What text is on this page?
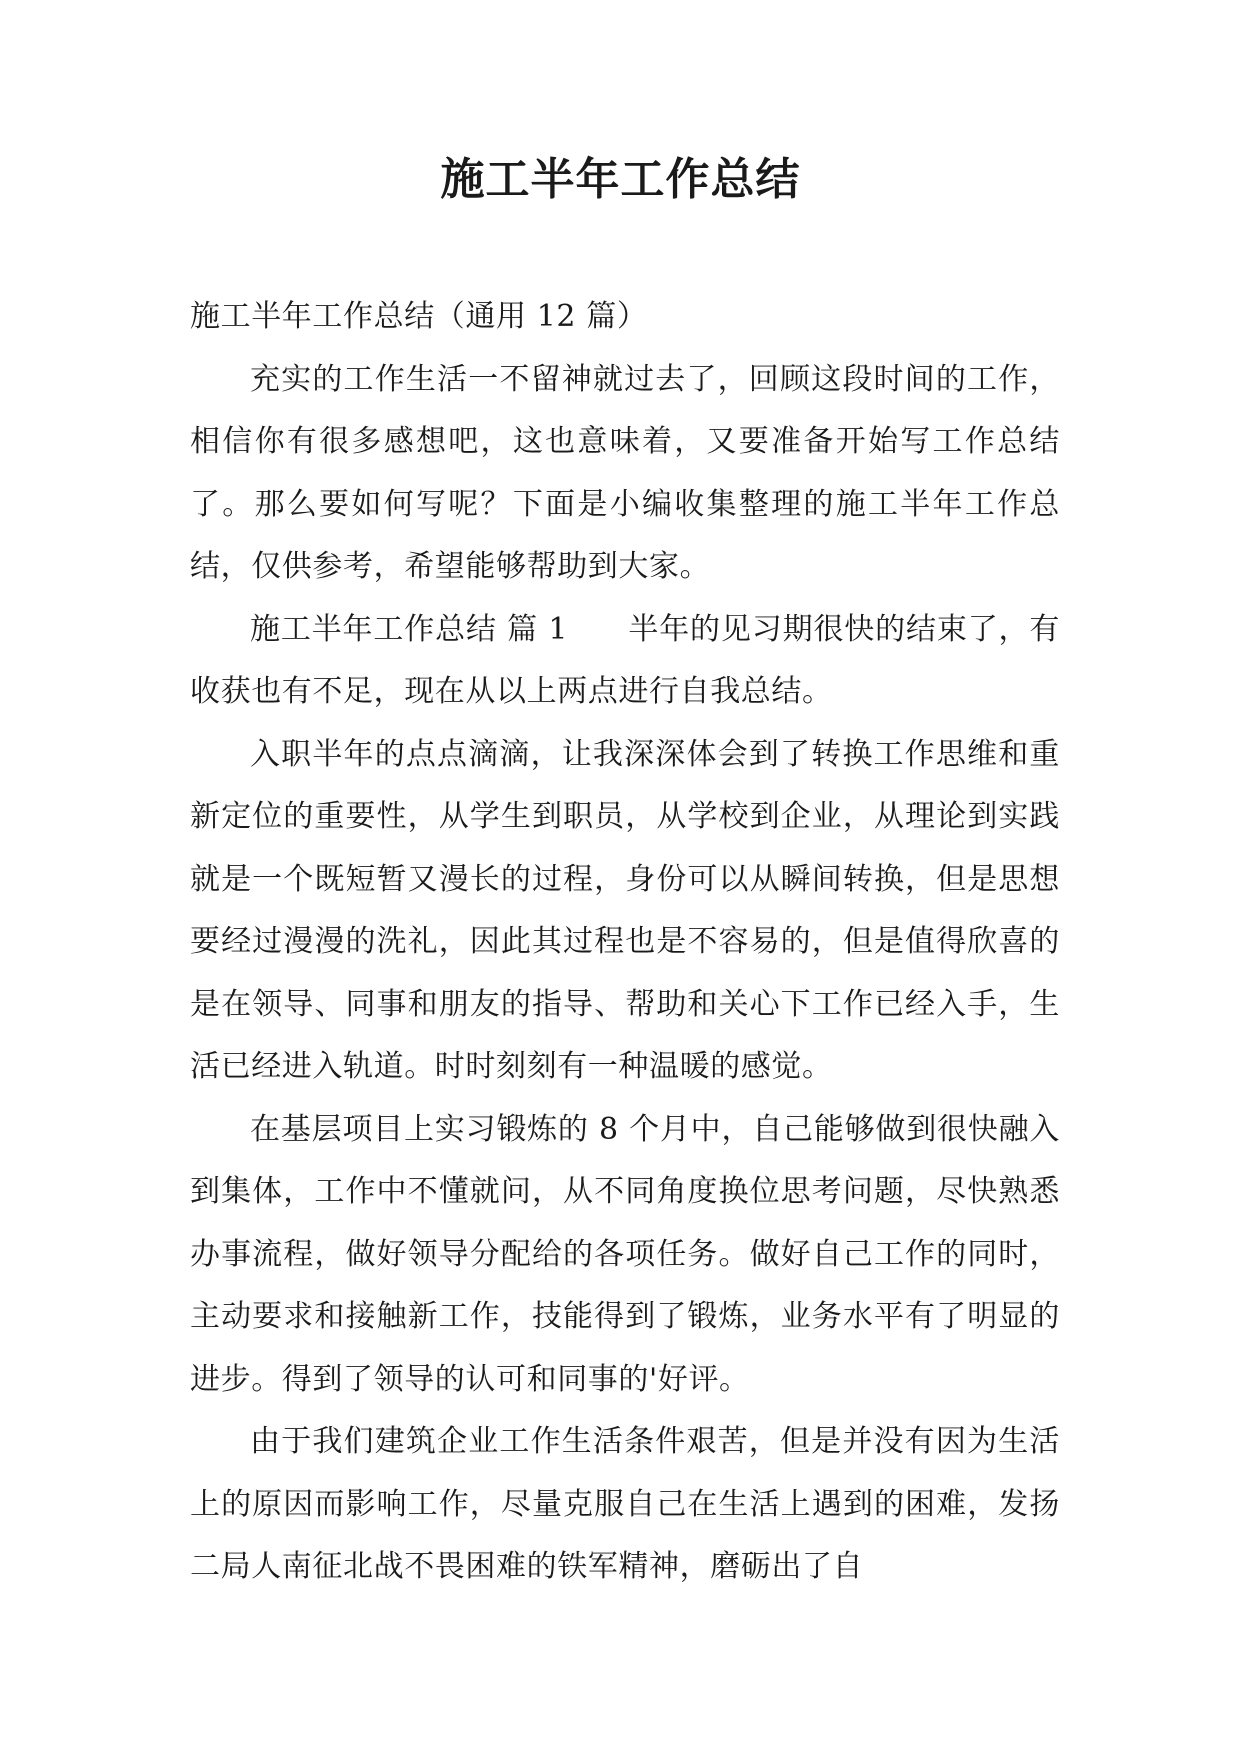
施工半年工作总结

施工半年工作总结（通用 12 篇）

充实的工作生活一不留神就过去了，回顾这段时间的工作，相信你有很多感想吧，这也意味着，又要准备开始写工作总结了。那么要如何写呢？下面是小编收集整理的施工半年工作总结，仅供参考，希望能够帮助到大家。

施工半年工作总结 篇 1 半年的见习期很快的结束了，有收获也有不足，现在从以上两点进行自我总结。

入职半年的点点滴滴，让我深深体会到了转换工作思维和重新定位的重要性，从学生到职员，从学校到企业，从理论到实践就是一个既短暂又漫长的过程，身份可以从瞬间转换，但是思想要经过漫漫的洗礼，因此其过程也是不容易的，但是值得欣喜的是在领导、同事和朋友的指导、帮助和关心下工作已经入手，生活已经进入轨道。时时刻刻有一种温暖的感觉。

在基层项目上实习锻炼的 8 个月中，自己能够做到很快融入到集体，工作中不懂就问，从不同角度换位思考问题，尽快熟悉办事流程，做好领导分配给的各项任务。做好自己工作的同时，主动要求和接触新工作，技能得到了锻炼，业务水平有了明显的进步。得到了领导的认可和同事的'好评。

由于我们建筑企业工作生活条件艰苦，但是并没有因为生活上的原因而影响工作，尽量克服自己在生活上遇到的困难，发扬二局人南征北战不畏困难的铁军精神，磨砺出了自
